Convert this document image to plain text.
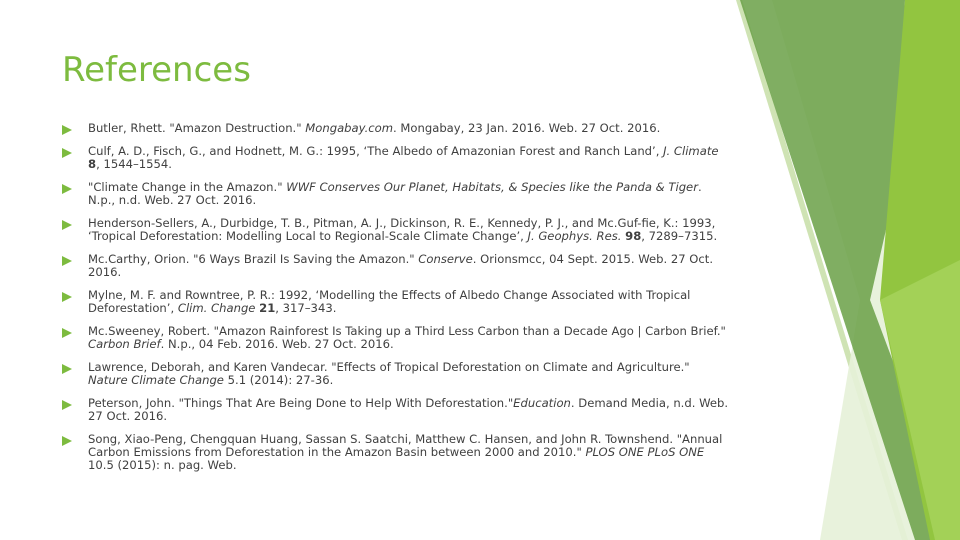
References
Butler, Rhett. "Amazon Destruction." Mongabay.com. Mongabay, 23 Jan. 2016. Web. 27 Oct. 2016.
Culf, A. D., Fisch, G., and Hodnett, M. G.: 1995, ‘The Albedo of Amazonian Forest and Ranch Land’, J. Climate 8, 1544–1554.
"Climate Change in the Amazon." WWF Conserves Our Planet, Habitats, & Species like the Panda & Tiger. N.p., n.d. Web. 27 Oct. 2016.
Henderson-Sellers, A., Durbidge, T. B., Pitman, A. J., Dickinson, R. E., Kennedy, P. J., and Mc.Guf-fie, K.: 1993, ‘Tropical Deforestation: Modelling Local to Regional-Scale Climate Change’, J. Geophys. Res. 98, 7289–7315.
Mc.Carthy, Orion. "6 Ways Brazil Is Saving the Amazon." Conserve. Orionsmcc, 04 Sept. 2015. Web. 27 Oct. 2016.
Mylne, M. F. and Rowntree, P. R.: 1992, ‘Modelling the Effects of Albedo Change Associated with Tropical Deforestation’, Clim. Change 21, 317–343.
Mc.Sweeney, Robert. "Amazon Rainforest Is Taking up a Third Less Carbon than a Decade Ago | Carbon Brief." Carbon Brief. N.p., 04 Feb. 2016. Web. 27 Oct. 2016.
Lawrence, Deborah, and Karen Vandecar. "Effects of Tropical Deforestation on Climate and Agriculture." Nature Climate Change 5.1 (2014): 27-36.
Peterson, John. "Things That Are Being Done to Help With Deforestation."Education. Demand Media, n.d. Web. 27 Oct. 2016.
Song, Xiao-Peng, Chengquan Huang, Sassan S. Saatchi, Matthew C. Hansen, and John R. Townshend. "Annual Carbon Emissions from Deforestation in the Amazon Basin between 2000 and 2010." PLOS ONE PLoS ONE 10.5 (2015): n. pag. Web.
